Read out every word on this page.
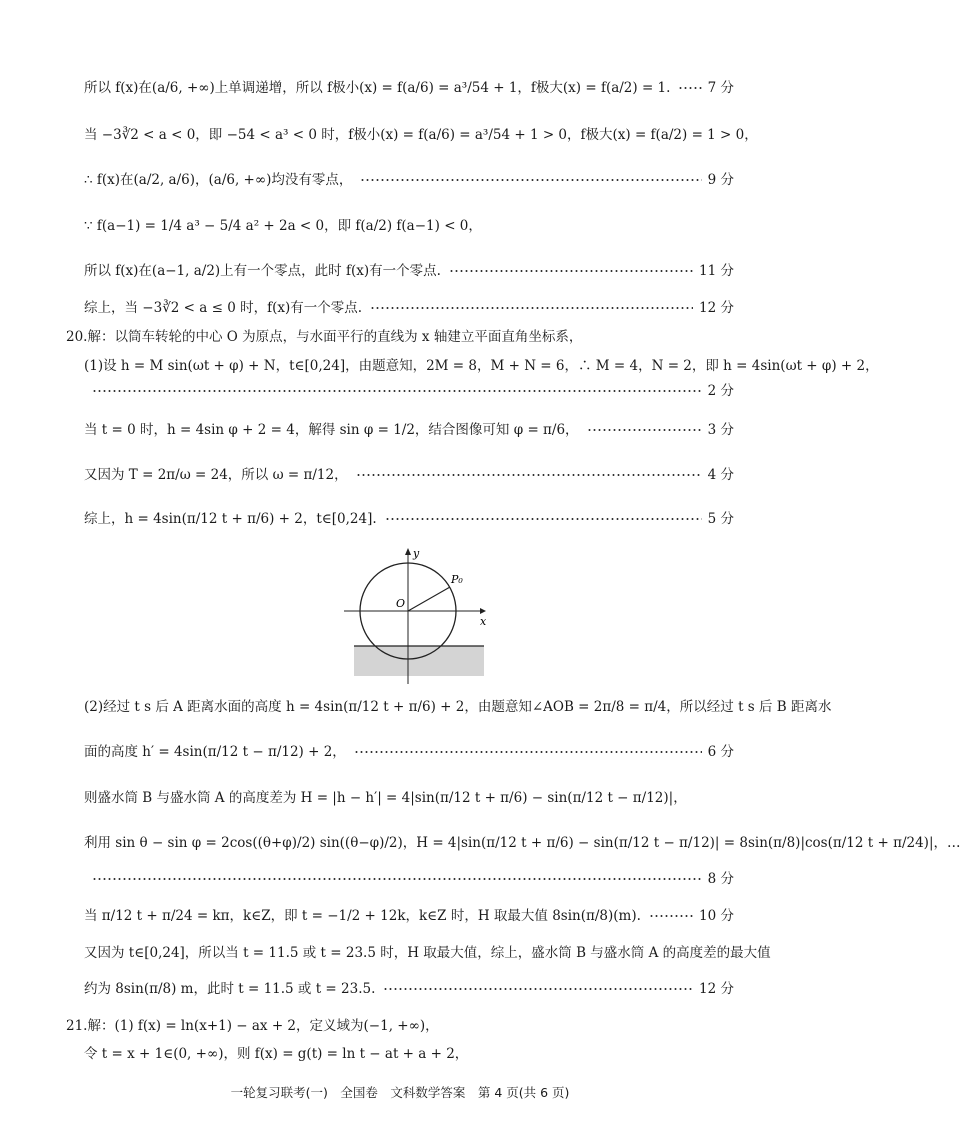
所以 f(x)在(a/6, +∞)上单调递增，所以 f极小(x) = f(a/6) = a³/54 + 1，f极大(x) = f(a/2) = 1.	7 分
当 −3∛2 < a < 0，即 −54 < a³ < 0 时，f极小(x) = f(a/6) = a³/54 + 1 > 0，f极大(x) = f(a/2) = 1 > 0，
∴ f(x)在(a/2, a/6)，(a/6, +∞)均没有零点，	9 分
∵ f(a−1) = 1/4 a³ − 5/4 a² + 2a < 0，即 f(a/2) f(a−1) < 0，
所以 f(x)在(a−1, a/2)上有一个零点，此时 f(x)有一个零点.	11 分
综上，当 −3∛2 < a ≤ 0 时，f(x)有一个零点.	12 分
20.解：以筒车转轮的中心 O 为原点，与水面平行的直线为 x 轴建立平面直角坐标系，
(1)设 h = M sin(ωt + φ) + N，t∈[0,24]，由题意知，2M = 8，M + N = 6，∴ M = 4，N = 2，即 h = 4sin(ωt + φ) + 2，
2 分
当 t = 0 时，h = 4sin φ + 2 = 4，解得 sin φ = 1/2，结合图像可知 φ = π/6，	3 分
又因为 T = 2π/ω = 24，所以 ω = π/12，	4 分
综上，h = 4sin(π/12 t + π/6) + 2，t∈[0,24].	5 分
O
x
y
P₀
(2)经过 t s 后 A 距离水面的高度 h = 4sin(π/12 t + π/6) + 2，由题意知∠AOB = 2π/8 = π/4，所以经过 t s 后 B 距离水
面的高度 h′ = 4sin(π/12 t − π/12) + 2，	6 分
则盛水筒 B 与盛水筒 A 的高度差为 H = |h − h′| = 4|sin(π/12 t + π/6) − sin(π/12 t − π/12)|，
利用 sin θ − sin φ = 2cos((θ+φ)/2) sin((θ−φ)/2)，H = 4|sin(π/12 t + π/6) − sin(π/12 t − π/12)| = 8sin(π/8)|cos(π/12 t + π/24)|，…
8 分
当 π/12 t + π/24 = kπ，k∈Z，即 t = −1/2 + 12k，k∈Z 时，H 取最大值 8sin(π/8)(m).	10 分
又因为 t∈[0,24]，所以当 t = 11.5 或 t = 23.5 时，H 取最大值，综上，盛水筒 B 与盛水筒 A 的高度差的最大值
约为 8sin(π/8) m，此时 t = 11.5 或 t = 23.5.	12 分
21.解：(1) f(x) = ln(x+1) − ax + 2，定义域为(−1, +∞)，
令 t = x + 1∈(0, +∞)，则 f(x) = g(t) = ln t − at + a + 2，
一轮复习联考(一)　全国卷　文科数学答案　第 4 页(共 6 页)
